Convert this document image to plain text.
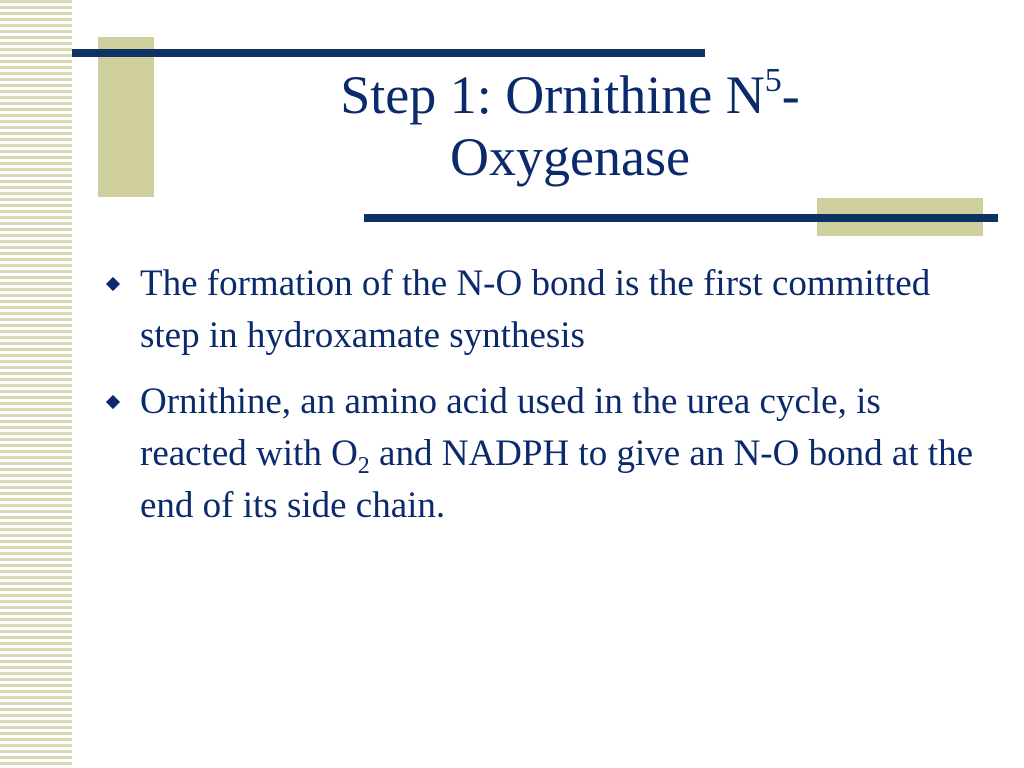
Step 1: Ornithine $N^5-$
Oxygenase
The formation of the N-O bond is the first committed step in hydroxamate synthesis
Ornithine, an amino acid used in the urea cycle, is reacted with $O_2$ and NADPH to give an N-O bond at the end of its side chain.
